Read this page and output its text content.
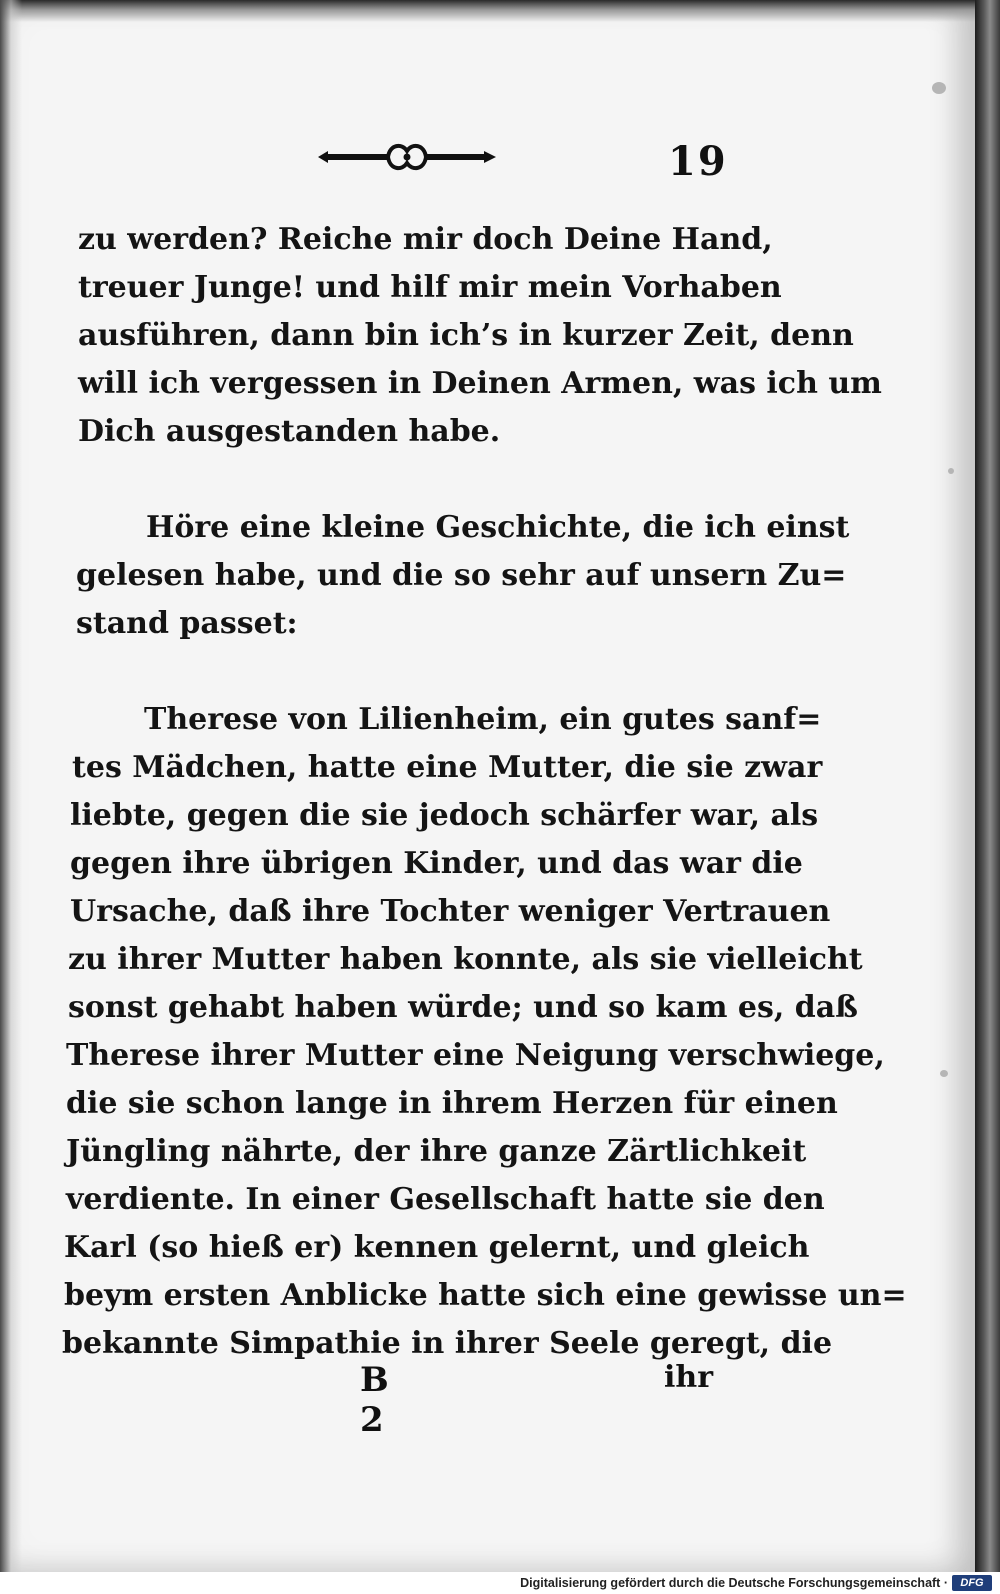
19

zu werden? Reiche mir doch Deine Hand,

treuer Junge! und hilf mir mein Vorhaben

ausführen, dann bin ich’s in kurzer Zeit, denn

will ich vergessen in Deinen Armen, was ich um

Dich ausgestanden habe.

Höre eine kleine Geschichte, die ich einst

gelesen habe, und die so sehr auf unsern Zu=

stand passet:

Therese von Lilienheim, ein gutes sanf=

tes Mädchen, hatte eine Mutter, die sie zwar

liebte, gegen die sie jedoch schärfer war, als

gegen ihre übrigen Kinder, und das war die

Ursache, daß ihre Tochter weniger Vertrauen

zu ihrer Mutter haben konnte, als sie vielleicht

sonst gehabt haben würde; und so kam es, daß

Therese ihrer Mutter eine Neigung verschwiege,

die sie schon lange in ihrem Herzen für einen

Jüngling nährte, der ihre ganze Zärtlichkeit

verdiente. In einer Gesellschaft hatte sie den

Karl (so hieß er) kennen gelernt, und gleich

beym ersten Anblicke hatte sich eine gewisse un=

bekannte Simpathie in ihrer Seele geregt, die

B 2
ihr
Digitalisierung gefördert durch die Deutsche Forschungsgemeinschaft ·	DFG
